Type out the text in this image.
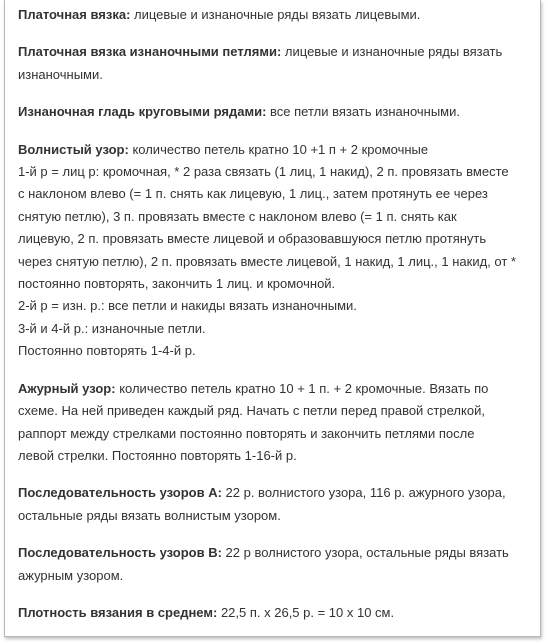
Платочная вязка: лицевые и изнаночные ряды вязать лицевыми.
Платочная вязка изнаночными петлями: лицевые и изнаночные ряды вязать
изнаночными.
Изнаночная гладь круговыми рядами: все петли вязать изнаночными.
Волнистый узор: количество петель кратно 10 +1 п + 2 кромочные
1-й р = лиц р: кромочная, * 2 раза связать (1 лиц, 1 накид), 2 п. провязать вместе
с наклоном влево (= 1 п. снять как лицевую, 1 лиц., затем протянуть ее через
снятую петлю), 3 п. провязать вместе с наклоном влево (= 1 п. снять как
лицевую, 2 п. провязать вместе лицевой и образовавшуюся петлю протянуть
через снятую петлю), 2 п. провязать вместе лицевой, 1 накид, 1 лиц., 1 накид, от *
постоянно повторять, закончить 1 лиц. и кромочной.
2-й р = изн. р.: все петли и накиды вязать изнаночными.
3-й и 4-й р.: изнаночные петли.
Постоянно повторять 1-4-й р.
Ажурный узор: количество петель кратно 10 + 1 п. + 2 кромочные. Вязать по
схеме. На ней приведен каждый ряд. Начать с петли перед правой стрелкой,
раппорт между стрелками постоянно повторять и закончить петлями после
левой стрелки. Постоянно повторять 1-16-й р.
Последовательность узоров А: 22 р. волнистого узора, 116 р. ажурного узора,
остальные ряды вязать волнистым узором.
Последовательность узоров В: 22 р волнистого узора, остальные ряды вязать
ажурным узором.
Плотность вязания в среднем: 22,5 п. х 26,5 р. = 10 х 10 см.
